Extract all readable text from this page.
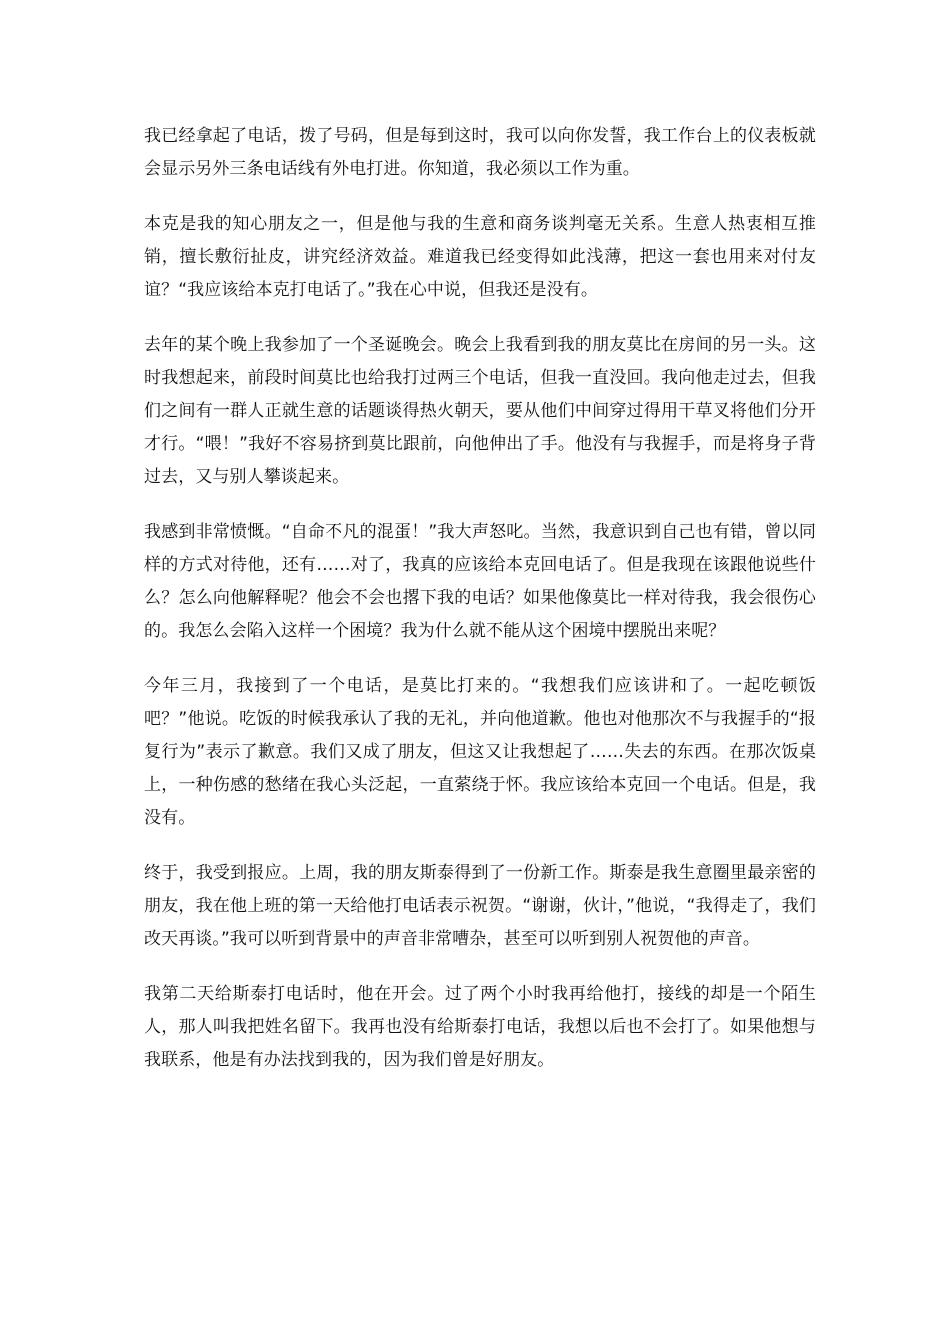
我已经拿起了电话，拨了号码，但是每到这时，我可以向你发誓，我工作台上的仪表板就会显示另外三条电话线有外电打进。你知道，我必须以工作为重。

本克是我的知心朋友之一，但是他与我的生意和商务谈判毫无关系。生意人热衷相互推销，擅长敷衍扯皮，讲究经济效益。难道我已经变得如此浅薄，把这一套也用来对付友谊？“我应该给本克打电话了。”我在心中说，但我还是没有。

去年的某个晚上我参加了一个圣诞晚会。晚会上我看到我的朋友莫比在房间的另一头。这时我想起来，前段时间莫比也给我打过两三个电话，但我一直没回。我向他走过去，但我们之间有一群人正就生意的话题谈得热火朝天，要从他们中间穿过得用干草叉将他们分开才行。“喂！”我好不容易挤到莫比跟前，向他伸出了手。他没有与我握手，而是将身子背过去，又与别人攀谈起来。

我感到非常愤慨。“自命不凡的混蛋！”我大声怒叱。当然，我意识到自己也有错，曾以同样的方式对待他，还有……对了，我真的应该给本克回电话了。但是我现在该跟他说些什么？怎么向他解释呢？他会不会也撂下我的电话？如果他像莫比一样对待我，我会很伤心的。我怎么会陷入这样一个困境？我为什么就不能从这个困境中摆脱出来呢？

今年三月，我接到了一个电话，是莫比打来的。“我想我们应该讲和了。一起吃顿饭吧？”他说。吃饭的时候我承认了我的无礼，并向他道歉。他也对他那次不与我握手的“报复行为”表示了歉意。我们又成了朋友，但这又让我想起了……失去的东西。在那次饭桌上，一种伤感的愁绪在我心头泛起，一直萦绕于怀。我应该给本克回一个电话。但是，我没有。

终于，我受到报应。上周，我的朋友斯泰得到了一份新工作。斯泰是我生意圈里最亲密的朋友，我在他上班的第一天给他打电话表示祝贺。“谢谢，伙计，”他说，“我得走了，我们改天再谈。”我可以听到背景中的声音非常嘈杂，甚至可以听到别人祝贺他的声音。

我第二天给斯泰打电话时，他在开会。过了两个小时我再给他打，接线的却是一个陌生人，那人叫我把姓名留下。我再也没有给斯泰打电话，我想以后也不会打了。如果他想与我联系，他是有办法找到我的，因为我们曾是好朋友。
